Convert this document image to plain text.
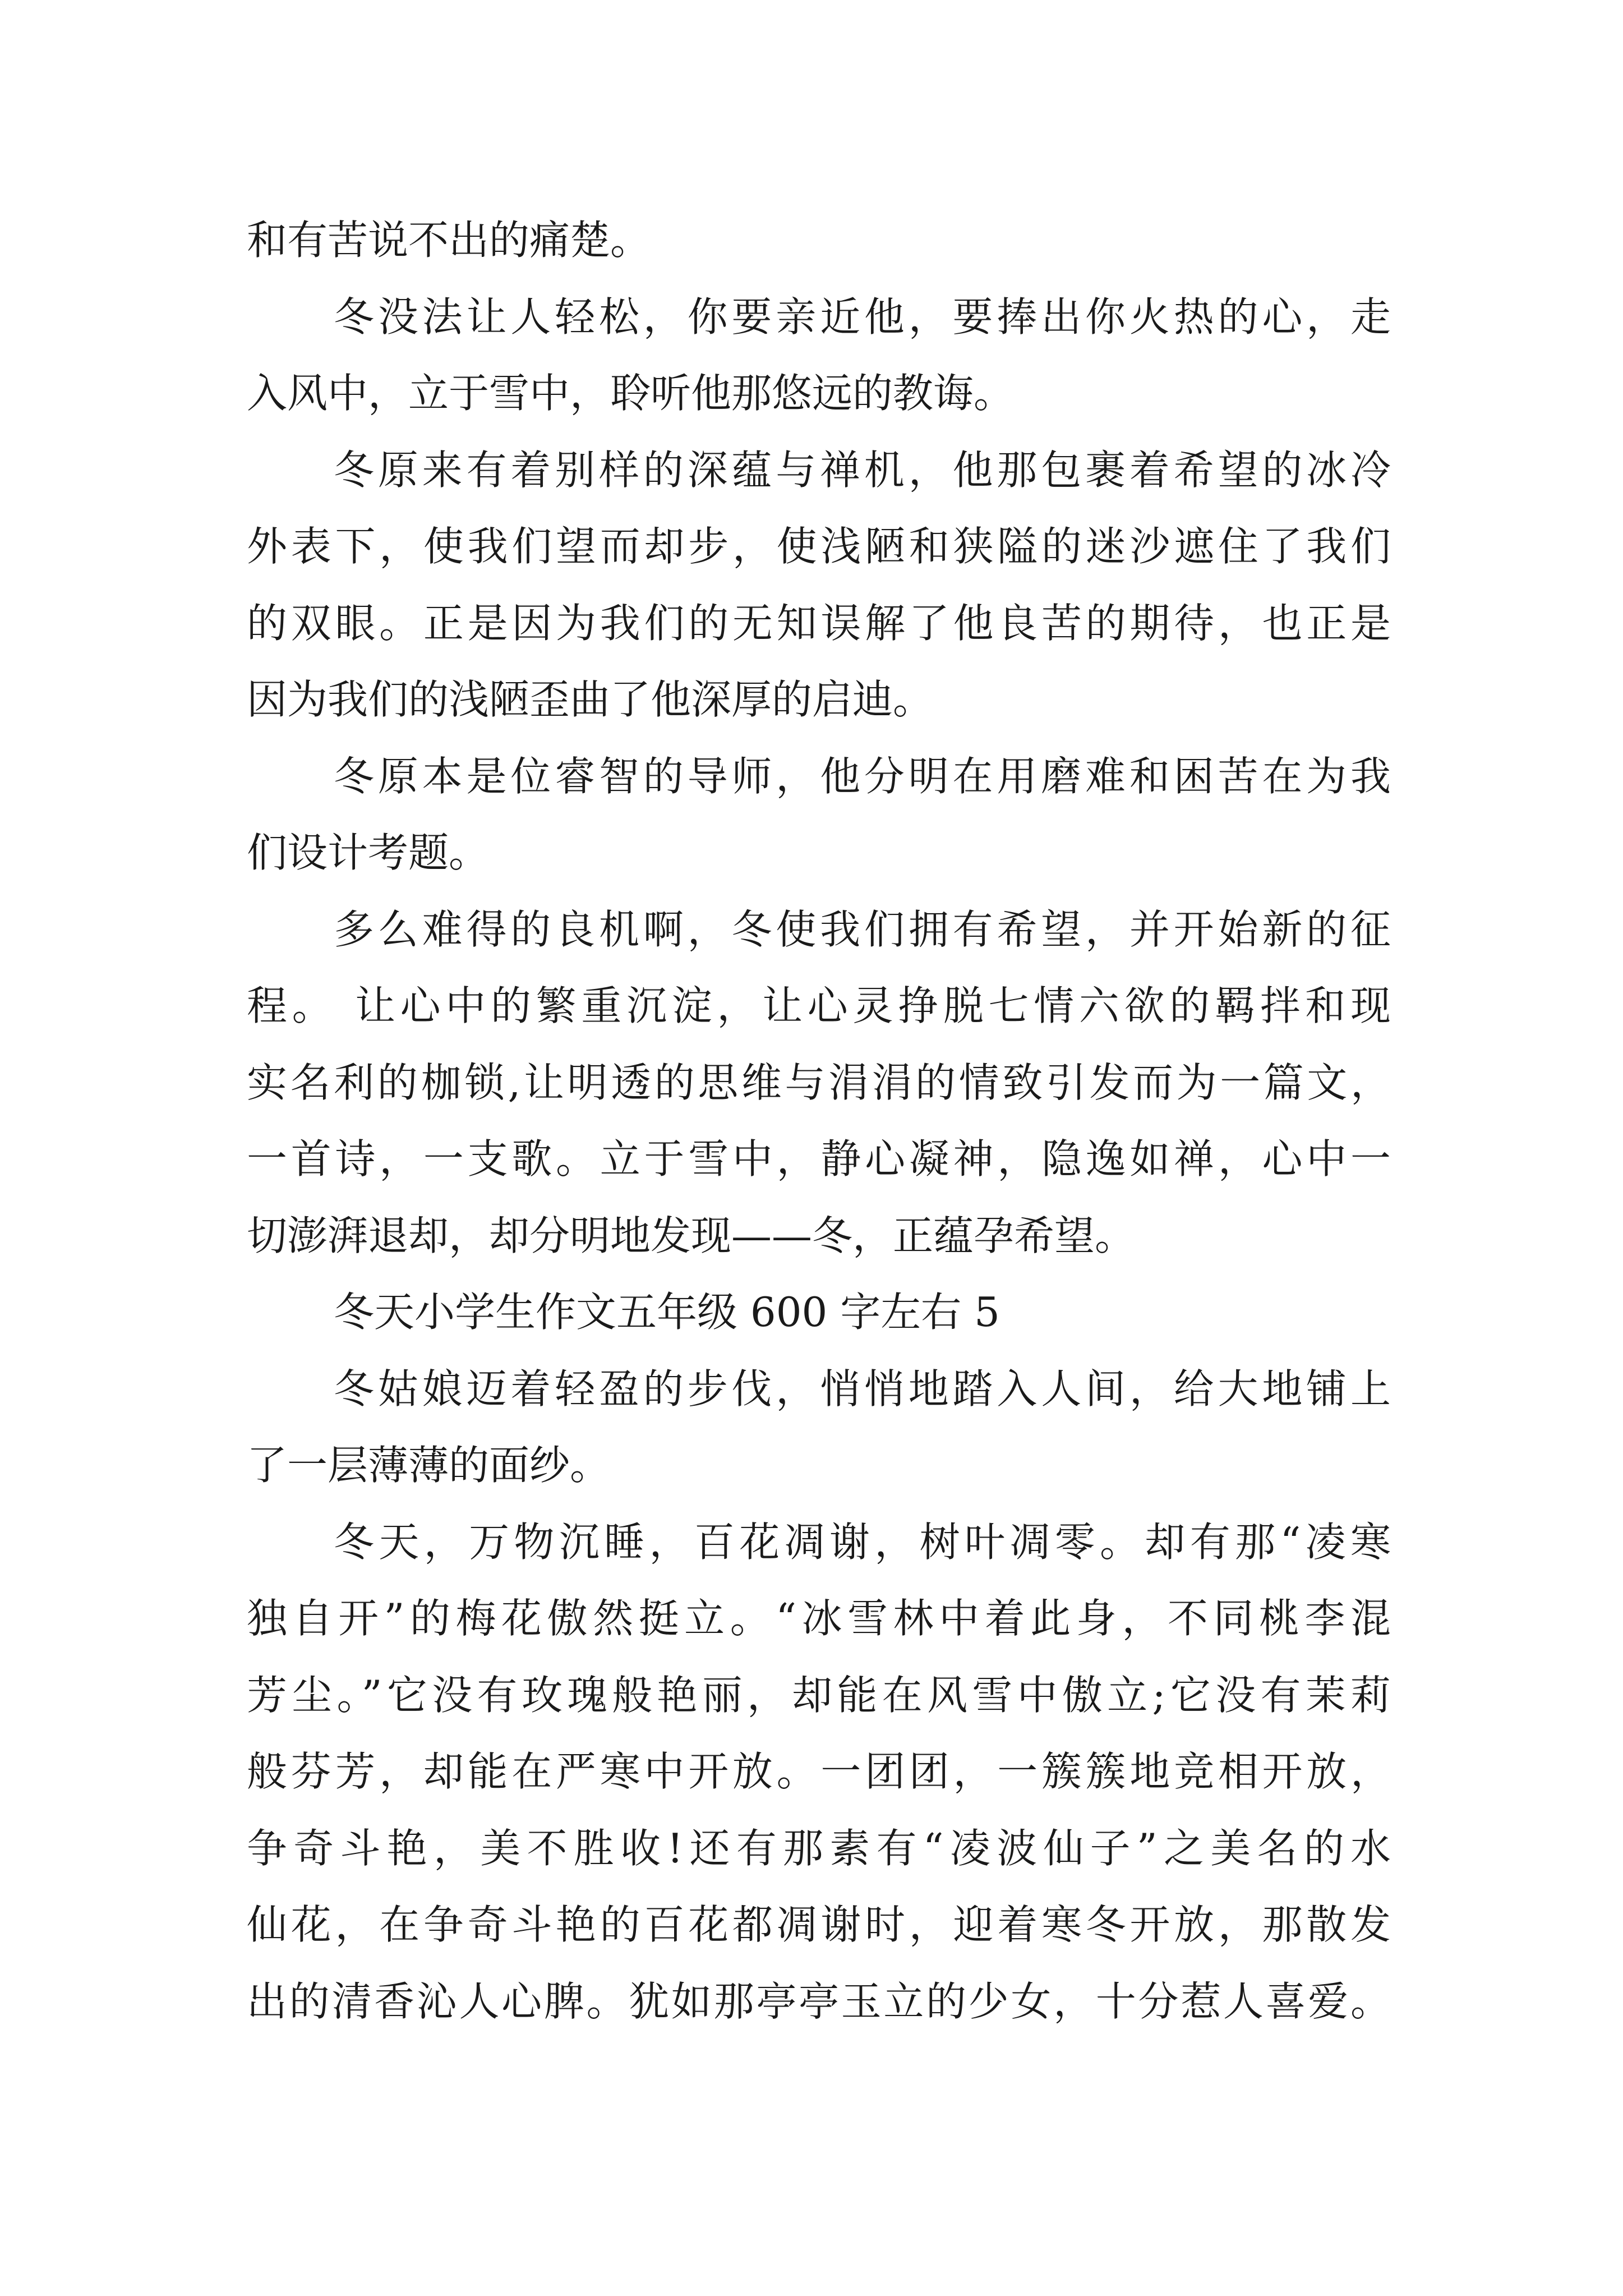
和有苦说不出的痛楚。
冬没法让人轻松，你要亲近他，要捧出你火热的心，走
入风中，立于雪中，聆听他那悠远的教诲。
冬原来有着别样的深蕴与禅机，他那包裹着希望的冰冷
外表下，使我们望而却步，使浅陋和狭隘的迷沙遮住了我们
的双眼。正是因为我们的无知误解了他良苦的期待，也正是
因为我们的浅陋歪曲了他深厚的启迪。
冬原本是位睿智的导师，他分明在用磨难和困苦在为我
们设计考题。
多么难得的良机啊，冬使我们拥有希望，并开始新的征
程。 让心中的繁重沉淀，让心灵挣脱七情六欲的羁拌和现
实名利的枷锁,让明透的思维与涓涓的情致引发而为一篇文，
一首诗，一支歌。立于雪中，静心凝神，隐逸如禅，心中一
切澎湃退却，却分明地发现——冬，正蕴孕希望。
冬天小学生作文五年级 600 字左右 5
冬姑娘迈着轻盈的步伐，悄悄地踏入人间，给大地铺上
了一层薄薄的面纱。
冬天，万物沉睡，百花凋谢，树叶凋零。却有那“凌寒
独自开”的梅花傲然挺立。“冰雪林中着此身，不同桃李混
芳尘。”它没有玫瑰般艳丽，却能在风雪中傲立;它没有茉莉
般芬芳，却能在严寒中开放。一团团，一簇簇地竞相开放，
争奇斗艳，美不胜收!还有那素有“凌波仙子”之美名的水
仙花，在争奇斗艳的百花都凋谢时，迎着寒冬开放，那散发
出的清香沁人心脾。犹如那亭亭玉立的少女，十分惹人喜爱。
